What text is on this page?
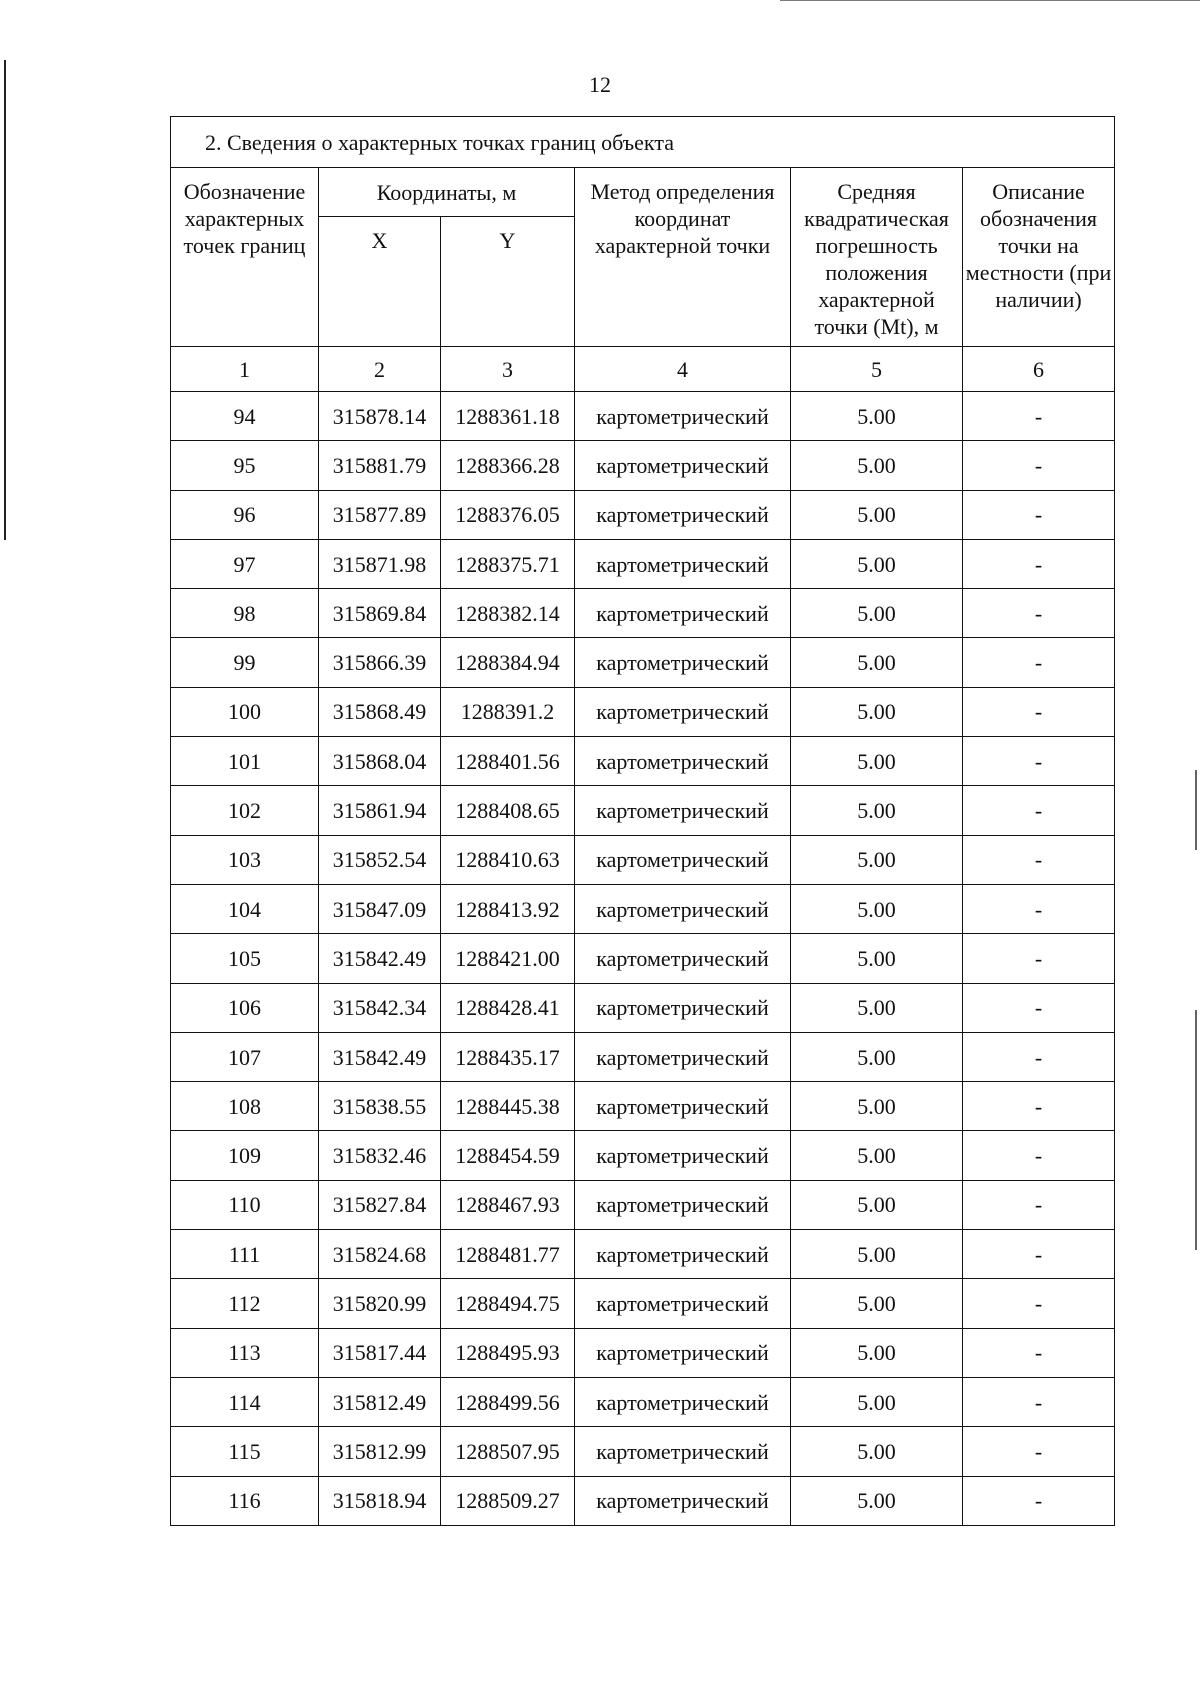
12
2. Сведения о характерных точках границ объекта					
Обозначение характерных точек границ	Координаты, м		Метод определения координат характерной точки	Средняя квадратическая погрешность положения характерной точки (Mt), м	Описание обозначения точки на местности (при наличии)
	X	Y			
1	2	3	4	5	6
94	315878.14	1288361.18	картометрический	5.00	-
95	315881.79	1288366.28	картометрический	5.00	-
96	315877.89	1288376.05	картометрический	5.00	-
97	315871.98	1288375.71	картометрический	5.00	-
98	315869.84	1288382.14	картометрический	5.00	-
99	315866.39	1288384.94	картометрический	5.00	-
100	315868.49	1288391.2	картометрический	5.00	-
101	315868.04	1288401.56	картометрический	5.00	-
102	315861.94	1288408.65	картометрический	5.00	-
103	315852.54	1288410.63	картометрический	5.00	-
104	315847.09	1288413.92	картометрический	5.00	-
105	315842.49	1288421.00	картометрический	5.00	-
106	315842.34	1288428.41	картометрический	5.00	-
107	315842.49	1288435.17	картометрический	5.00	-
108	315838.55	1288445.38	картометрический	5.00	-
109	315832.46	1288454.59	картометрический	5.00	-
110	315827.84	1288467.93	картометрический	5.00	-
111	315824.68	1288481.77	картометрический	5.00	-
112	315820.99	1288494.75	картометрический	5.00	-
113	315817.44	1288495.93	картометрический	5.00	-
114	315812.49	1288499.56	картометрический	5.00	-
115	315812.99	1288507.95	картометрический	5.00	-
116	315818.94	1288509.27	картометрический	5.00	-
